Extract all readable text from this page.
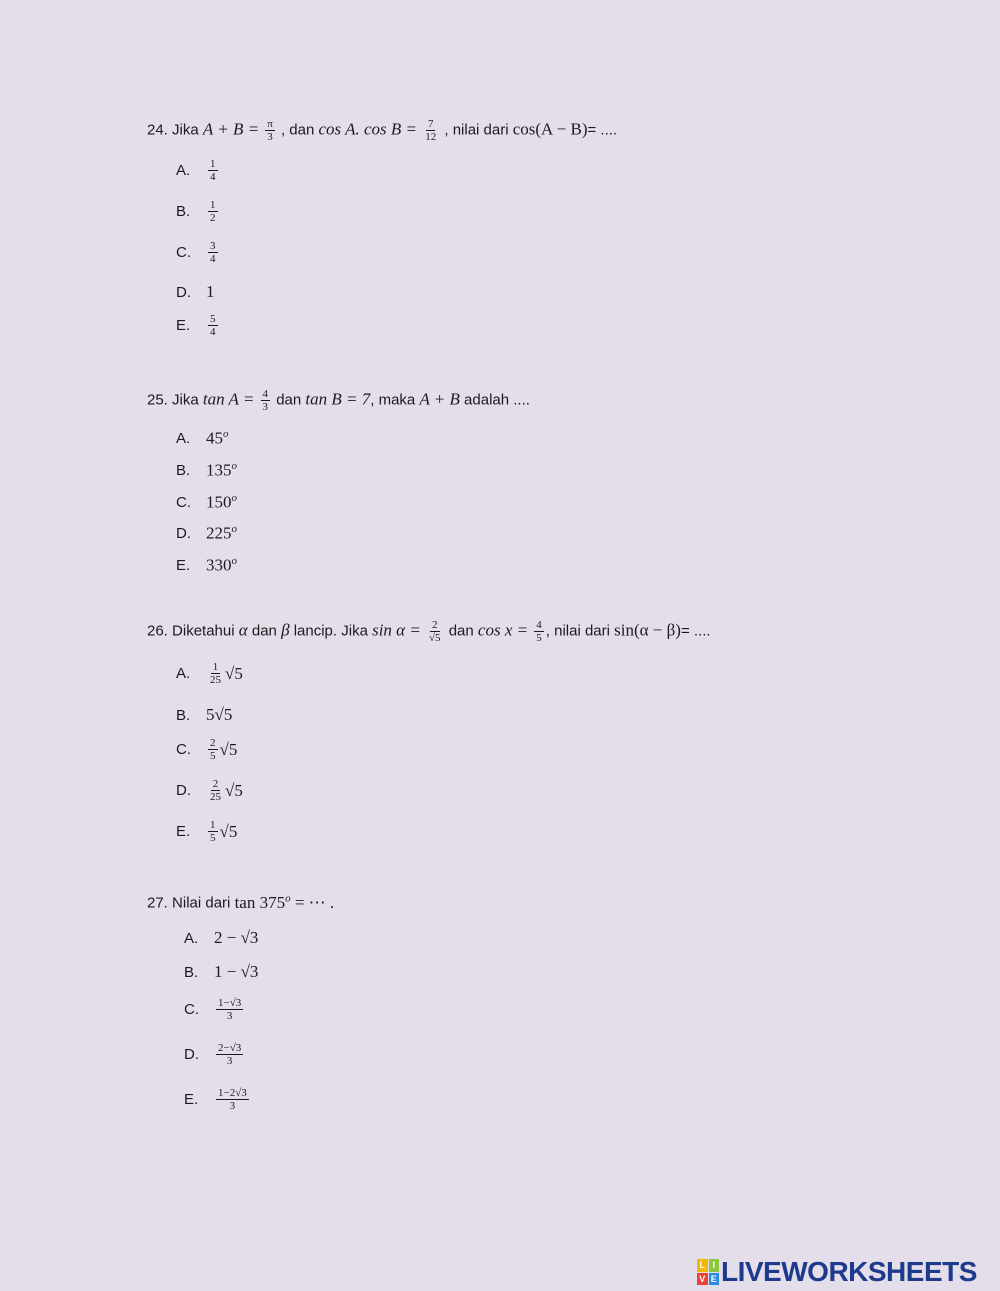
24. Jika $A + B = \frac{\pi}{3}$ , dan cos A. $\cos B = \frac{7}{12}$ , nilai dari cos(A − B)= ....
A.	$\frac{1}{4}$
B.	$\frac{1}{2}$
C.	$\frac{3}{4}$
D. 1
E.	$\frac{5}{4}$
25. Jika $\tan A = \frac{4}{3}$ dan tan B = 7, maka A + B adalah ....
A. 45$^o$
B. 135$^o$
C. 150$^o$
D. 225$^o$
E. 330$^o$
26. Diketahui α dan β lancip. Jika $\sin \alpha = \frac{2}{√5}$ dan $\cos x = \frac{4}{5}$ , nilai dari sin(α − β)= ....
A.	$\frac{1}{25} √5$
B. 5√5
C.	$\frac{2}{5} √5$
D.	$\frac{2}{25} √5$
E.	$\frac{1}{5} √5$
27. Nilai dari $\tan 375^o$ = ⋯ .
A. 2 − √3
B. 1 − √3
C.	$\frac{1-√3}{3}$
D.	$\frac{2-√3}{3}$
E.	$\frac{1-2√3}{3}$
L I
V E LIVEWORKSHEETS
